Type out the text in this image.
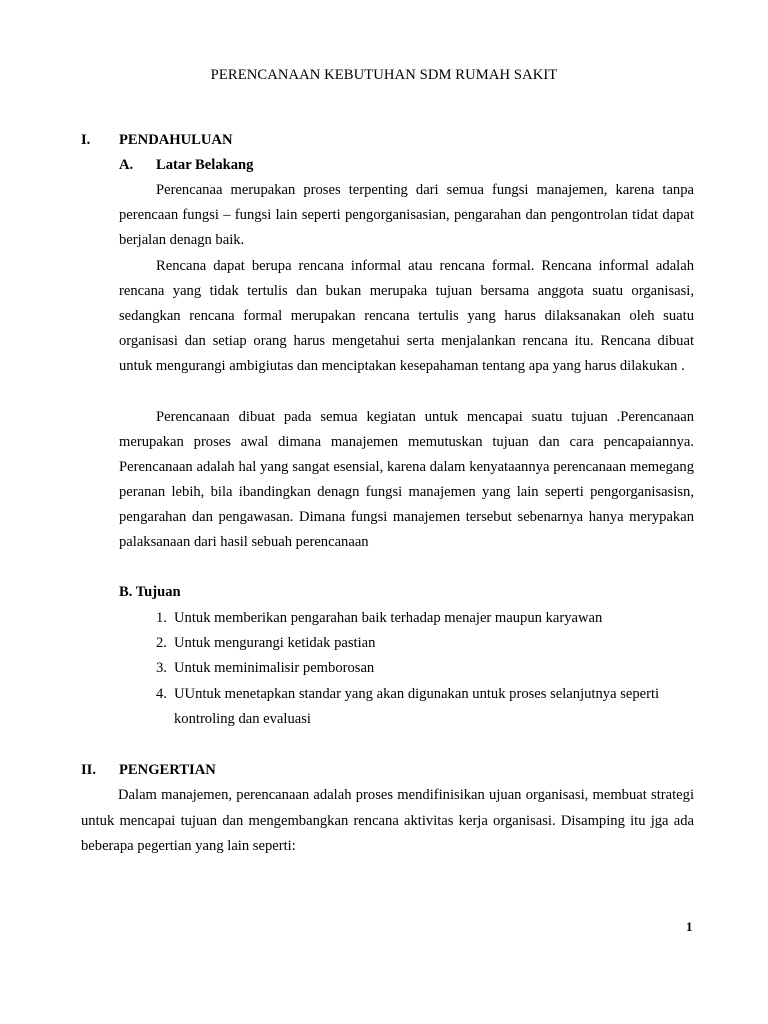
PERENCANAAN KEBUTUHAN SDM RUMAH SAKIT
I. PENDAHULUAN
A. Latar Belakang
Perencanaa merupakan proses terpenting dari semua fungsi manajemen, karena tanpa perencaan fungsi – fungsi lain seperti pengorganisasian, pengarahan dan pengontrolan tidat dapat berjalan denagn baik.
Rencana dapat berupa rencana informal atau rencana formal. Rencana informal adalah rencana yang tidak tertulis dan bukan merupaka tujuan bersama anggota suatu organisasi, sedangkan rencana formal merupakan rencana tertulis yang harus dilaksanakan oleh suatu organisasi dan setiap orang harus mengetahui serta menjalankan rencana itu. Rencana dibuat untuk mengurangi ambigiutas dan menciptakan kesepahaman tentang apa yang harus dilakukan .
Perencanaan dibuat pada semua kegiatan untuk mencapai suatu tujuan .Perencanaan merupakan proses awal dimana manajemen memutuskan tujuan dan cara pencapaiannya. Perencanaan adalah hal yang sangat esensial, karena dalam kenyataannya perencanaan memegang peranan lebih, bila ibandingkan denagn fungsi manajemen yang lain seperti pengorganisasisn, pengarahan dan pengawasan. Dimana fungsi manajemen tersebut sebenarnya hanya merypakan palaksanaan dari hasil sebuah perencanaan
B. Tujuan
1. Untuk memberikan pengarahan baik terhadap menajer maupun karyawan
2. Untuk mengurangi ketidak pastian
3. Untuk meminimalisir pemborosan
4. UUntuk menetapkan standar yang akan digunakan untuk proses selanjutnya seperti kontroling dan evaluasi
II. PENGERTIAN
Dalam manajemen, perencanaan adalah proses mendifinisikan ujuan organisasi, membuat strategi untuk mencapai tujuan dan mengembangkan rencana aktivitas kerja organisasi. Disamping itu jga ada beberapa pegertian yang lain seperti:
1
